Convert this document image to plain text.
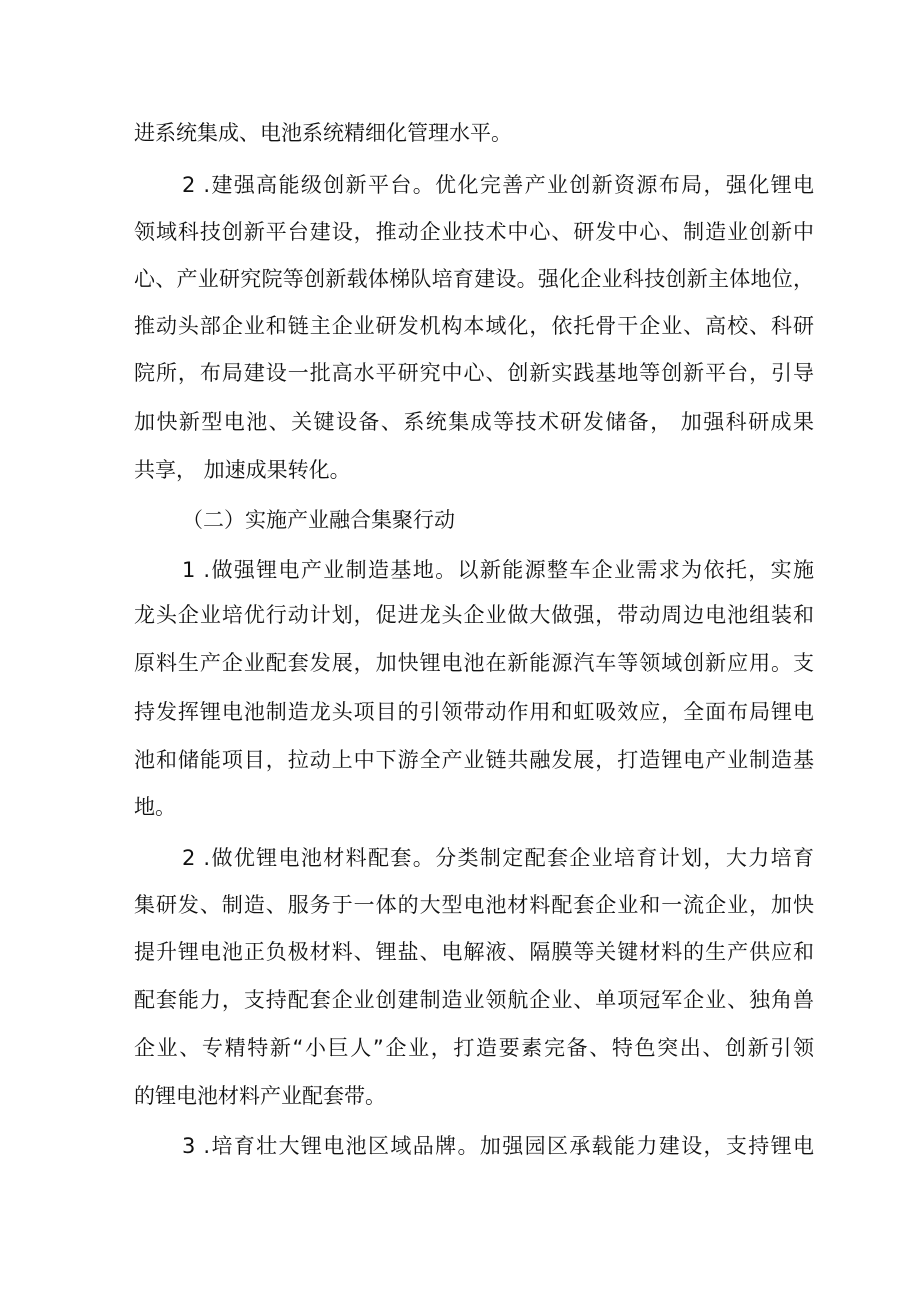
进系统集成、电池系统精细化管理水平。
2 .建强高能级创新平台。优化完善产业创新资源布局，强化锂电
领域科技创新平台建设，推动企业技术中心、研发中心、制造业创新中
心、产业研究院等创新载体梯队培育建设。强化企业科技创新主体地位，
推动头部企业和链主企业研发机构本域化，依托骨干企业、高校、科研
院所，布局建设一批高水平研究中心、创新实践基地等创新平台，引导
加快新型电池、关键设备、系统集成等技术研发储备， 加强科研成果
共享， 加速成果转化。
（二）实施产业融合集聚行动
1 .做强锂电产业制造基地。以新能源整车企业需求为依托，实施
龙头企业培优行动计划，促进龙头企业做大做强，带动周边电池组装和
原料生产企业配套发展，加快锂电池在新能源汽车等领域创新应用。支
持发挥锂电池制造龙头项目的引领带动作用和虹吸效应，全面布局锂电
池和储能项目，拉动上中下游全产业链共融发展，打造锂电产业制造基
地。
2 .做优锂电池材料配套。分类制定配套企业培育计划，大力培育
集研发、制造、服务于一体的大型电池材料配套企业和一流企业，加快
提升锂电池正负极材料、锂盐、电解液、隔膜等关键材料的生产供应和
配套能力，支持配套企业创建制造业领航企业、单项冠军企业、独角兽
企业、专精特新“小巨人”企业，打造要素完备、特色突出、创新引领
的锂电池材料产业配套带。
3 .培育壮大锂电池区域品牌。加强园区承载能力建设，支持锂电
